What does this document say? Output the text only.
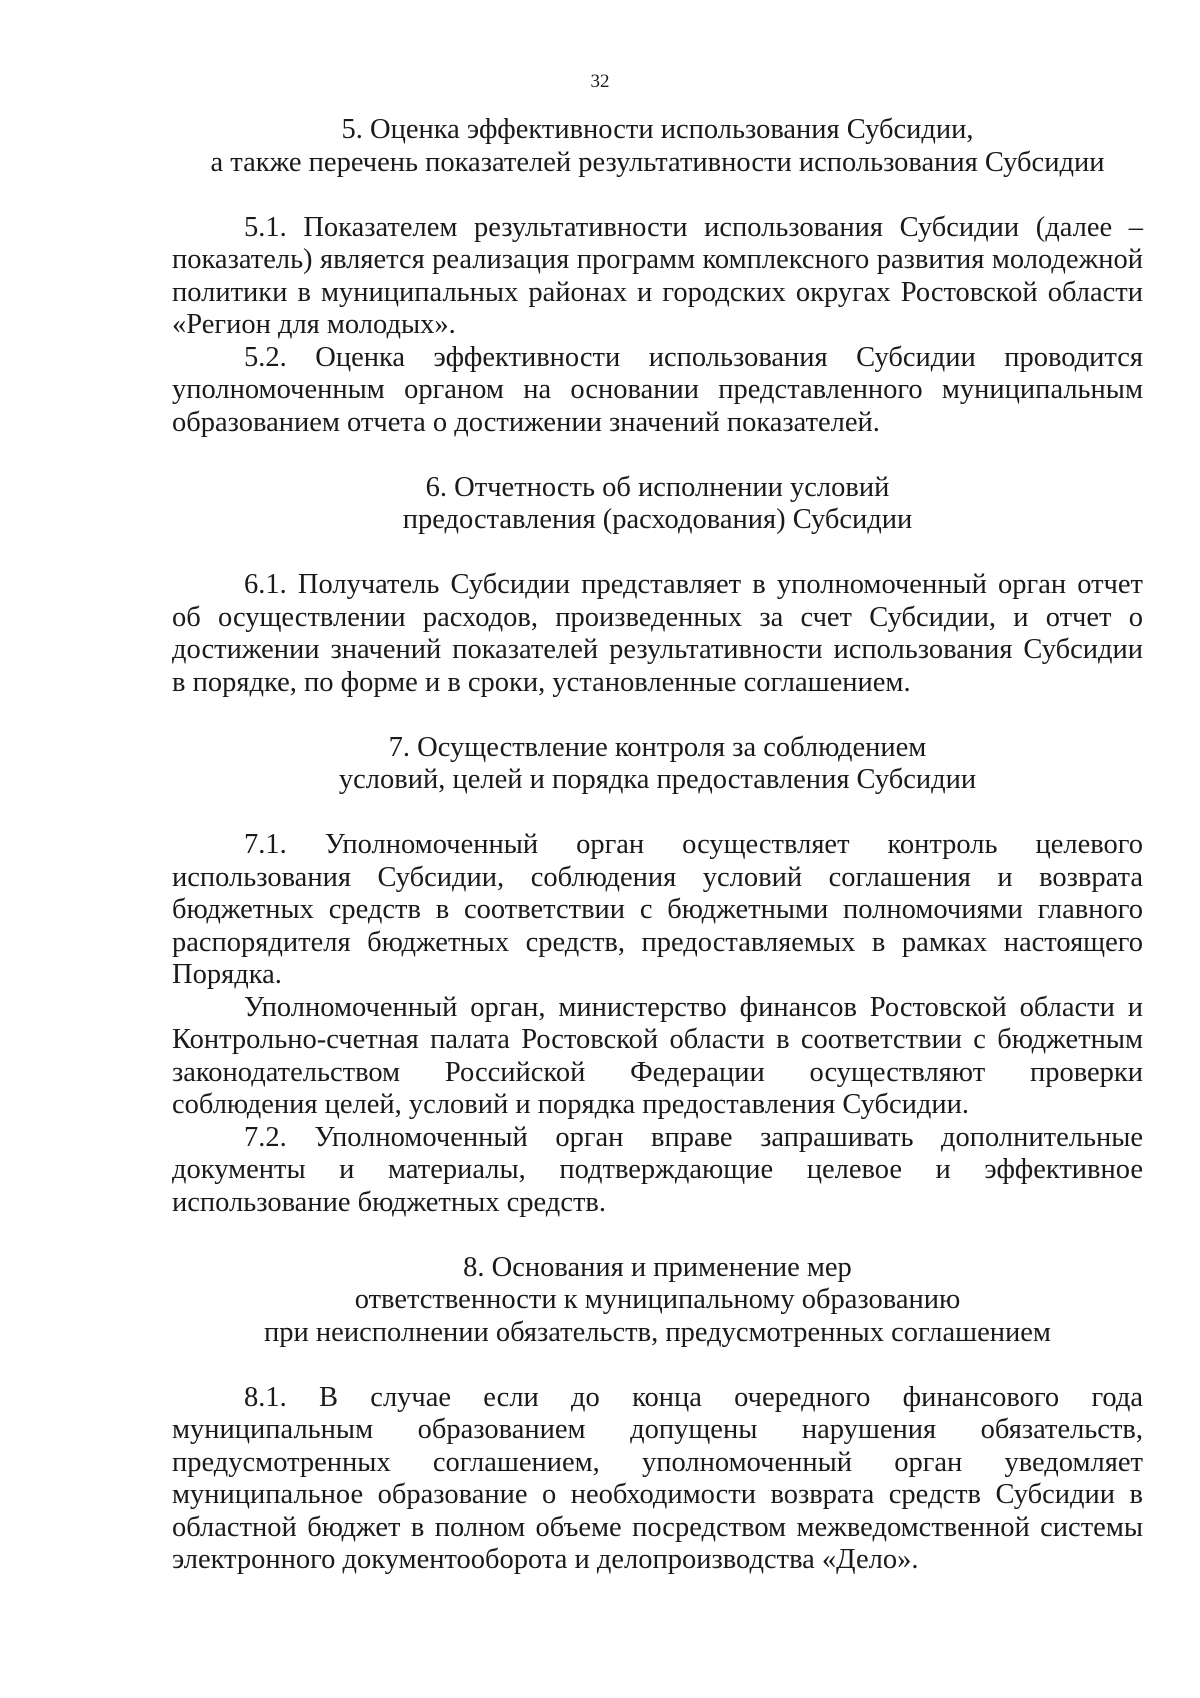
32
5. Оценка эффективности использования Субсидии,
а также перечень показателей результативности использования Субсидии

5.1. Показателем результативности использования Субсидии (далее – показатель) является реализация программ комплексного развития молодежной политики в муниципальных районах и городских округах Ростовской области «Регион для молодых».

5.2. Оценка эффективности использования Субсидии проводится уполномоченным органом на основании представленного муниципальным образованием отчета о достижении значений показателей.

6. Отчетность об исполнении условий
предоставления (расходования) Субсидии

6.1. Получатель Субсидии представляет в уполномоченный орган отчет об осуществлении расходов, произведенных за счет Субсидии, и отчет о достижении значений показателей результативности использования Субсидии в порядке, по форме и в сроки, установленные соглашением.

7. Осуществление контроля за соблюдением
условий, целей и порядка предоставления Субсидии

7.1. Уполномоченный орган осуществляет контроль целевого использования Субсидии, соблюдения условий соглашения и возврата бюджетных средств в соответствии с бюджетными полномочиями главного распорядителя бюджетных средств, предоставляемых в рамках настоящего Порядка.

Уполномоченный орган, министерство финансов Ростовской области и Контрольно-счетная палата Ростовской области в соответствии с бюджетным законодательством Российской Федерации осуществляют проверки соблюдения целей, условий и порядка предоставления Субсидии.

7.2. Уполномоченный орган вправе запрашивать дополнительные документы и материалы, подтверждающие целевое и эффективное использование бюджетных средств.

8. Основания и применение мер
ответственности к муниципальному образованию
при неисполнении обязательств, предусмотренных соглашением

8.1. В случае если до конца очередного финансового года муниципальным образованием допущены нарушения обязательств, предусмотренных соглашением, уполномоченный орган уведомляет муниципальное образование о необходимости возврата средств Субсидии в областной бюджет в полном объеме посредством межведомственной системы электронного документооборота и делопроизводства «Дело».
